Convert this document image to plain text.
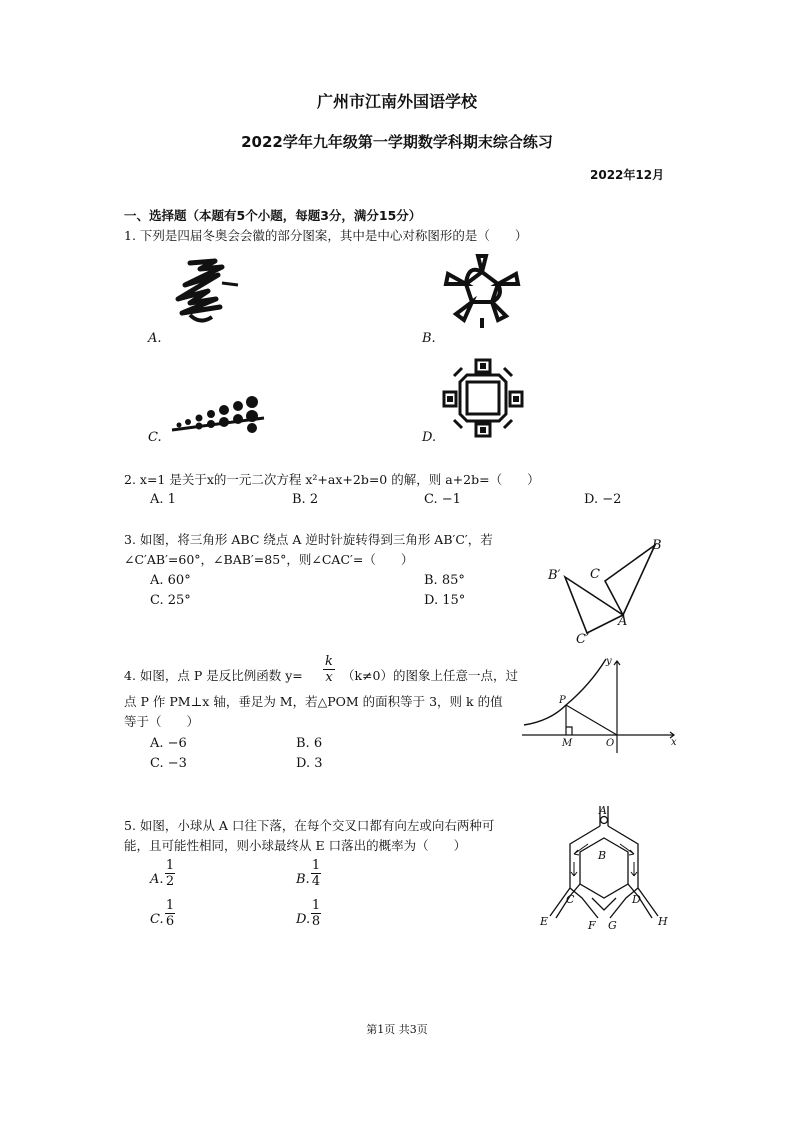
广州市江南外国语学校
2022学年九年级第一学期数学科期末综合练习
2022年12月
一、选择题（本题有5个小题，每题3分，满分15分）
1. 下列是四届冬奥会会徽的部分图案，其中是中心对称图形的是（　　）
A.	B.
C.	D.
2. x=1 是关于x的一元二次方程 x²+ax+2b=0 的解，则 a+2b=（　　）
A. 1	B. 2	C. −1	D. −2
3. 如图，将三角形 ABC 绕点 A 逆时针旋转得到三角形 AB′C′，若
∠C′AB′=60°，∠BAB′=85°，则∠CAC′=（　　）
A. 60°	B. 85°
C. 25°	D. 15°
B
B′ C
A
C′
4. 如图，点 P 是反比例函数 y=
k
x （k≠0）的图象上任意一点，过
点 P 作 PM⊥x 轴，垂足为 M，若△POM 的面积等于 3，则 k 的值
等于（　　）
A. −6	B. 6
C. −3	D. 3
y
P
M	O	x
5. 如图，小球从 A 口往下落，在每个交叉口都有向左或向右两种可
能，且可能性相同，则小球最终从 E 口落出的概率为（　　）
A.
1
2	B.
1
4
C.
1
6	D.
1
8
A
B
C	D
E	F G	H
第1页 共3页
